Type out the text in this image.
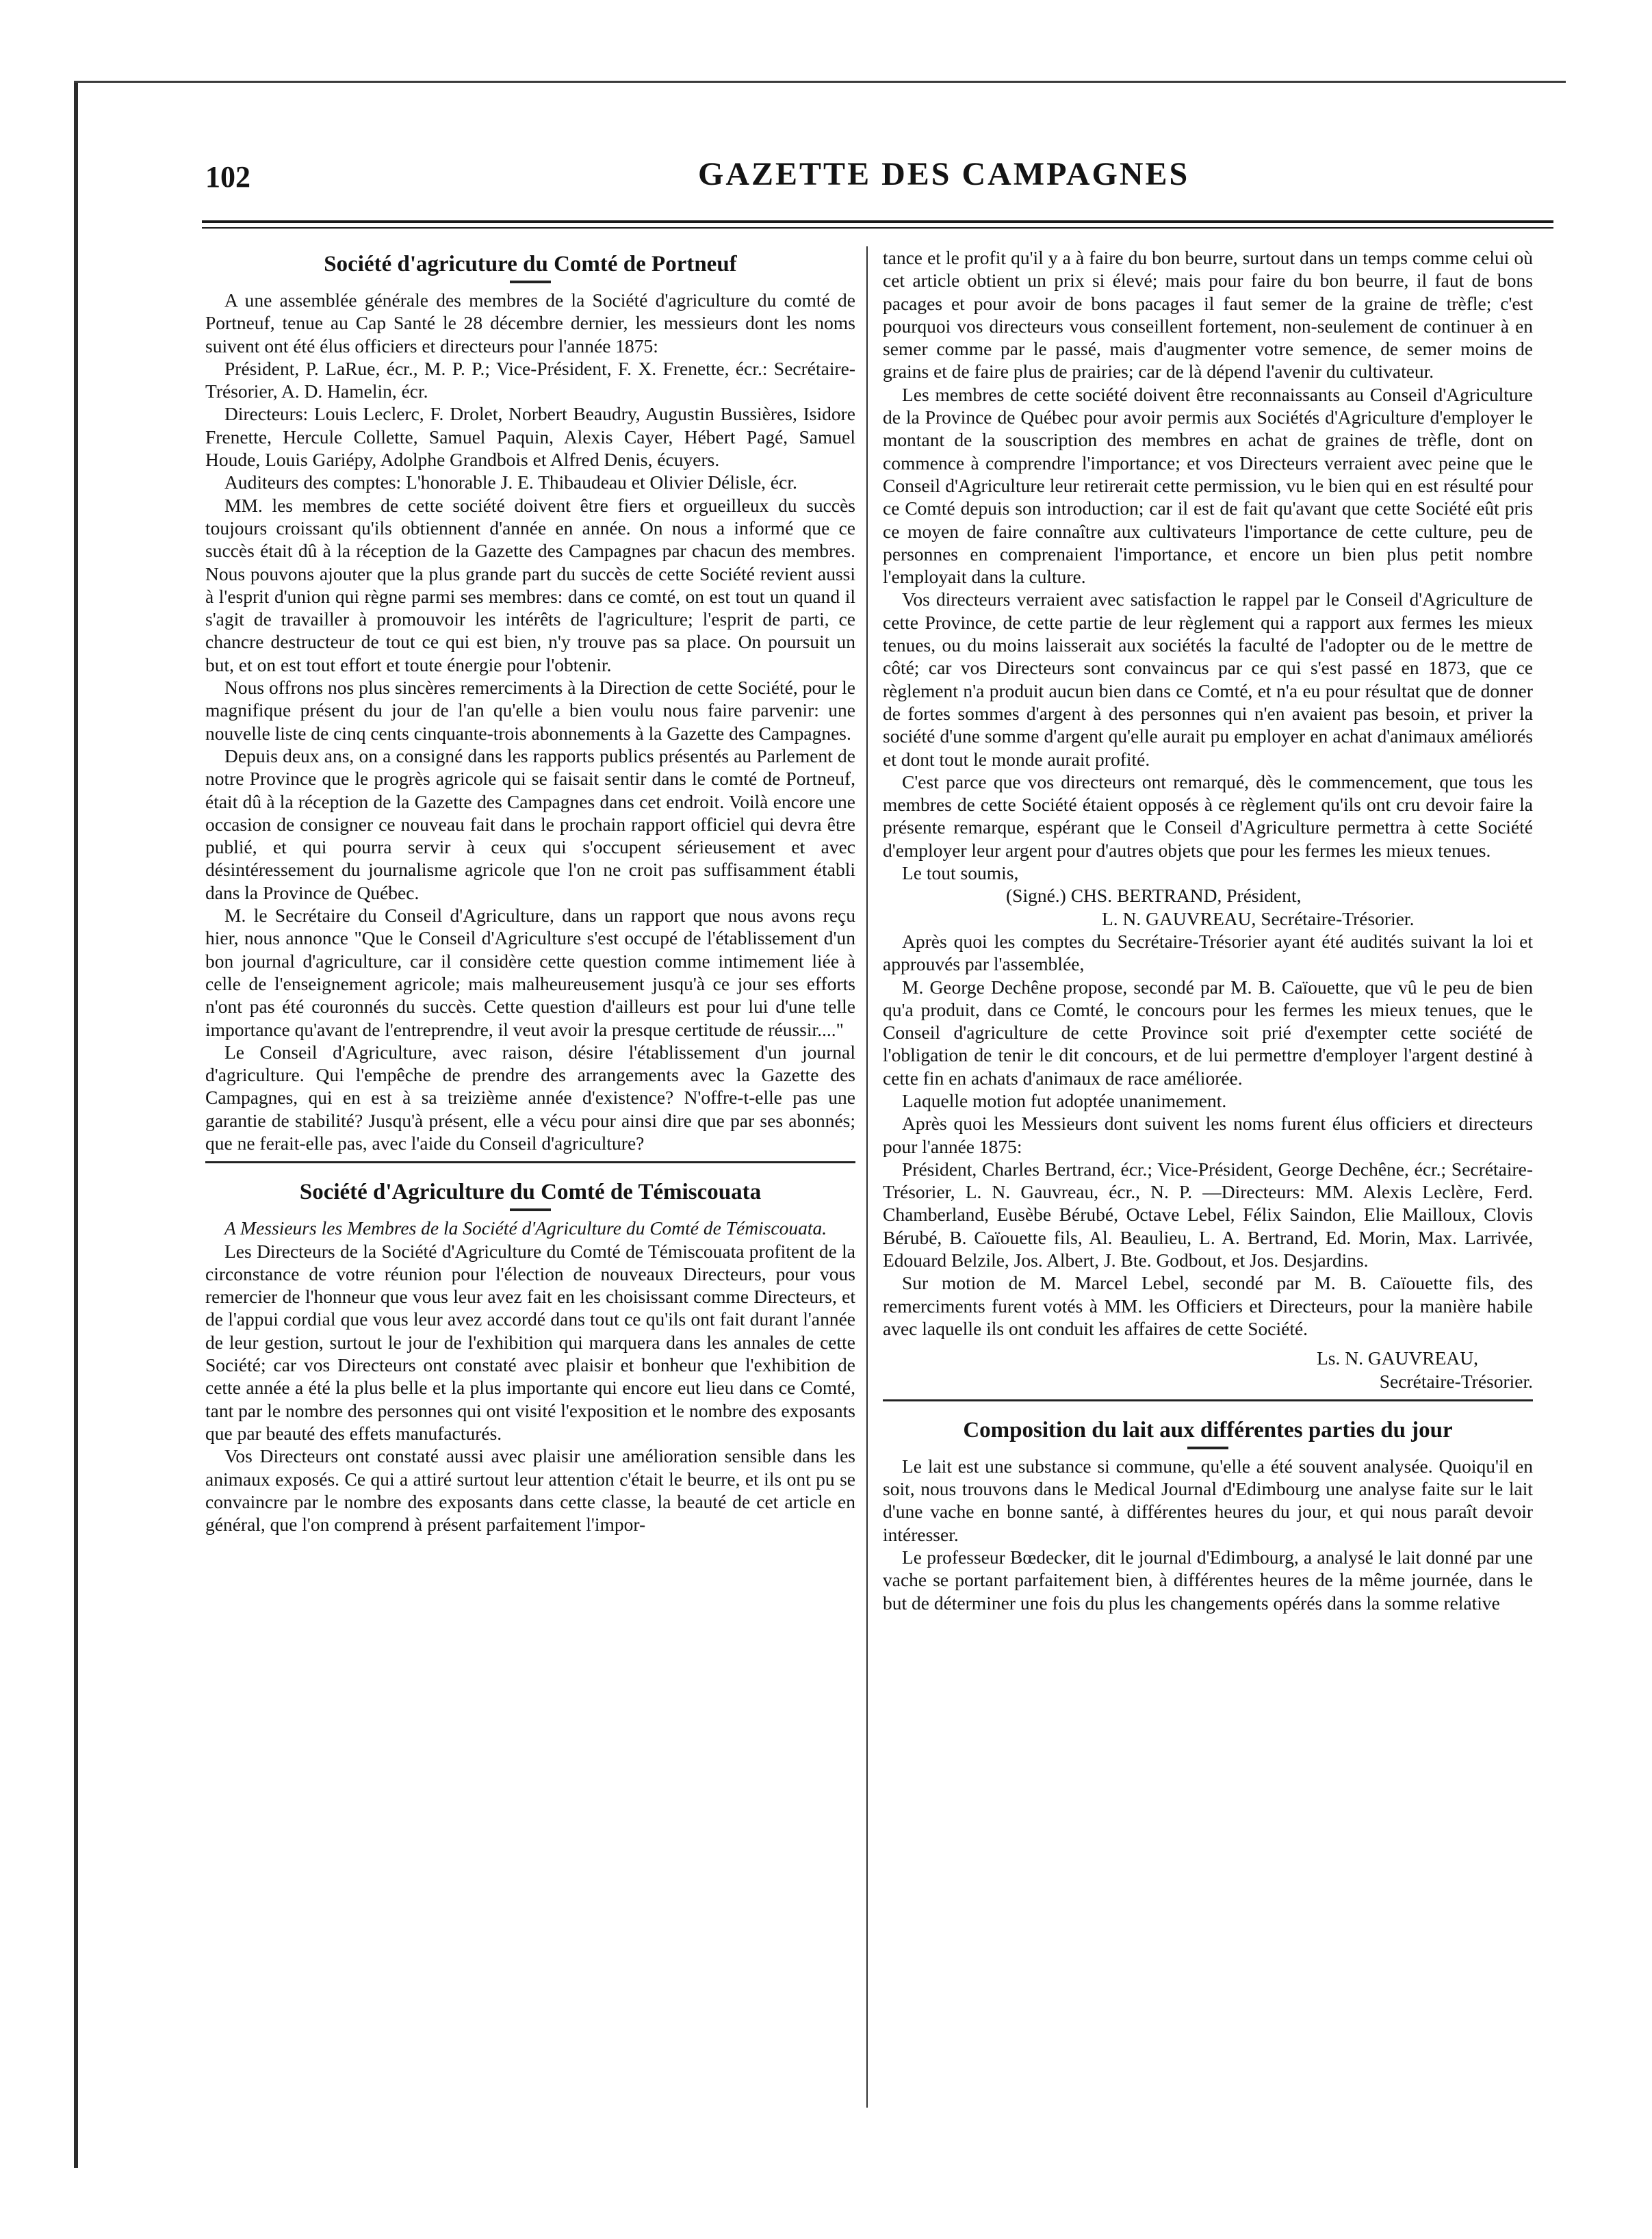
102	GAZETTE DES CAMPAGNES
Société d'agricuture du Comté de Portneuf

A une assemblée générale des membres de la Société d'agriculture du comté de Portneuf, tenue au Cap Santé le 28 décembre dernier, les messieurs dont les noms suivent ont été élus officiers et directeurs pour l'année 1875:

Président, P. LaRue, écr., M. P. P.; Vice-Président, F. X. Frenette, écr.: Secrétaire-Trésorier, A. D. Hamelin, écr.

Directeurs: Louis Leclerc, F. Drolet, Norbert Beaudry, Augustin Bussières, Isidore Frenette, Hercule Collette, Samuel Paquin, Alexis Cayer, Hébert Pagé, Samuel Houde, Louis Gariépy, Adolphe Grandbois et Alfred Denis, écuyers.

Auditeurs des comptes: L'honorable J. E. Thibaudeau et Olivier Délisle, écr.

MM. les membres de cette société doivent être fiers et orgueilleux du succès toujours croissant qu'ils obtiennent d'année en année. On nous a informé que ce succès était dû à la réception de la Gazette des Campagnes par chacun des membres. Nous pouvons ajouter que la plus grande part du succès de cette Société revient aussi à l'esprit d'union qui règne parmi ses membres: dans ce comté, on est tout un quand il s'agit de travailler à promouvoir les intérêts de l'agriculture; l'esprit de parti, ce chancre destructeur de tout ce qui est bien, n'y trouve pas sa place. On poursuit un but, et on est tout effort et toute énergie pour l'obtenir.

Nous offrons nos plus sincères remerciments à la Direction de cette Société, pour le magnifique présent du jour de l'an qu'elle a bien voulu nous faire parvenir: une nouvelle liste de cinq cents cinquante-trois abonnements à la Gazette des Campagnes.

Depuis deux ans, on a consigné dans les rapports publics présentés au Parlement de notre Province que le progrès agricole qui se faisait sentir dans le comté de Portneuf, était dû à la réception de la Gazette des Campagnes dans cet endroit. Voilà encore une occasion de consigner ce nouveau fait dans le prochain rapport officiel qui devra être publié, et qui pourra servir à ceux qui s'occupent sérieusement et avec désintéressement du journalisme agricole que l'on ne croit pas suffisamment établi dans la Province de Québec.

M. le Secrétaire du Conseil d'Agriculture, dans un rapport que nous avons reçu hier, nous annonce "Que le Conseil d'Agriculture s'est occupé de l'établissement d'un bon journal d'agriculture, car il considère cette question comme intimement liée à celle de l'enseignement agricole; mais malheureusement jusqu'à ce jour ses efforts n'ont pas été couronnés du succès. Cette question d'ailleurs est pour lui d'une telle importance qu'avant de l'entreprendre, il veut avoir la presque certitude de réussir...."

Le Conseil d'Agriculture, avec raison, désire l'établissement d'un journal d'agriculture. Qui l'empêche de prendre des arrangements avec la Gazette des Campagnes, qui en est à sa treizième année d'existence? N'offre-t-elle pas une garantie de stabilité? Jusqu'à présent, elle a vécu pour ainsi dire que par ses abonnés; que ne ferait-elle pas, avec l'aide du Conseil d'agriculture?

Société d'Agriculture du Comté de Témiscouata

A Messieurs les Membres de la Société d'Agriculture du Comté de Témiscouata.

Les Directeurs de la Société d'Agriculture du Comté de Témiscouata profitent de la circonstance de votre réunion pour l'élection de nouveaux Directeurs, pour vous remercier de l'honneur que vous leur avez fait en les choisissant comme Directeurs, et de l'appui cordial que vous leur avez accordé dans tout ce qu'ils ont fait durant l'année de leur gestion, surtout le jour de l'exhibition qui marquera dans les annales de cette Société; car vos Directeurs ont constaté avec plaisir et bonheur que l'exhibition de cette année a été la plus belle et la plus importante qui encore eut lieu dans ce Comté, tant par le nombre des personnes qui ont visité l'exposition et le nombre des exposants que par beauté des effets manufacturés.

Vos Directeurs ont constaté aussi avec plaisir une amélioration sensible dans les animaux exposés. Ce qui a attiré surtout leur attention c'était le beurre, et ils ont pu se convaincre par le nombre des exposants dans cette classe, la beauté de cet article en général, que l'on comprend à présent parfaitement l'impor-

tance et le profit qu'il y a à faire du bon beurre, surtout dans un temps comme celui où cet article obtient un prix si élevé; mais pour faire du bon beurre, il faut de bons pacages et pour avoir de bons pacages il faut semer de la graine de trèfle; c'est pourquoi vos directeurs vous conseillent fortement, non-seulement de continuer à en semer comme par le passé, mais d'augmenter votre semence, de semer moins de grains et de faire plus de prairies; car de là dépend l'avenir du cultivateur.

Les membres de cette société doivent être reconnaissants au Conseil d'Agriculture de la Province de Québec pour avoir permis aux Sociétés d'Agriculture d'employer le montant de la souscription des membres en achat de graines de trèfle, dont on commence à comprendre l'importance; et vos Directeurs verraient avec peine que le Conseil d'Agriculture leur retirerait cette permission, vu le bien qui en est résulté pour ce Comté depuis son introduction; car il est de fait qu'avant que cette Société eût pris ce moyen de faire connaître aux cultivateurs l'importance de cette culture, peu de personnes en comprenaient l'importance, et encore un bien plus petit nombre l'employait dans la culture.

Vos directeurs verraient avec satisfaction le rappel par le Conseil d'Agriculture de cette Province, de cette partie de leur règlement qui a rapport aux fermes les mieux tenues, ou du moins laisserait aux sociétés la faculté de l'adopter ou de le mettre de côté; car vos Directeurs sont convaincus par ce qui s'est passé en 1873, que ce règlement n'a produit aucun bien dans ce Comté, et n'a eu pour résultat que de donner de fortes sommes d'argent à des personnes qui n'en avaient pas besoin, et priver la société d'une somme d'argent qu'elle aurait pu employer en achat d'animaux améliorés et dont tout le monde aurait profité.

C'est parce que vos directeurs ont remarqué, dès le commencement, que tous les membres de cette Société étaient opposés à ce règlement qu'ils ont cru devoir faire la présente remarque, espérant que le Conseil d'Agriculture permettra à cette Société d'employer leur argent pour d'autres objets que pour les fermes les mieux tenues.

Le tout soumis,

(Signé.) CHS. BERTRAND, Président,
L. N. GAUVREAU, Secrétaire-Trésorier.

Après quoi les comptes du Secrétaire-Trésorier ayant été audités suivant la loi et approuvés par l'assemblée,

M. George Dechêne propose, secondé par M. B. Caïouette, que vû le peu de bien qu'a produit, dans ce Comté, le concours pour les fermes les mieux tenues, que le Conseil d'agriculture de cette Province soit prié d'exempter cette société de l'obligation de tenir le dit concours, et de lui permettre d'employer l'argent destiné à cette fin en achats d'animaux de race améliorée.

Laquelle motion fut adoptée unanimement.

Après quoi les Messieurs dont suivent les noms furent élus officiers et directeurs pour l'année 1875:

Président, Charles Bertrand, écr.; Vice-Président, George Dechêne, écr.; Secrétaire-Trésorier, L. N. Gauvreau, écr., N. P. —Directeurs: MM. Alexis Leclère, Ferd. Chamberland, Eusèbe Bérubé, Octave Lebel, Félix Saindon, Elie Mailloux, Clovis Bérubé, B. Caïouette fils, Al. Beaulieu, L. A. Bertrand, Ed. Morin, Max. Larrivée, Edouard Belzile, Jos. Albert, J. Bte. Godbout, et Jos. Desjardins.

Sur motion de M. Marcel Lebel, secondé par M. B. Caïouette fils, des remerciments furent votés à MM. les Officiers et Directeurs, pour la manière habile avec laquelle ils ont conduit les affaires de cette Société.

Ls. N. GAUVREAU,
Secrétaire-Trésorier.
Composition du lait aux différentes parties du jour

Le lait est une substance si commune, qu'elle a été souvent analysée. Quoiqu'il en soit, nous trouvons dans le Medical Journal d'Edimbourg une analyse faite sur le lait d'une vache en bonne santé, à différentes heures du jour, et qui nous paraît devoir intéresser.

Le professeur Bœdecker, dit le journal d'Edimbourg, a analysé le lait donné par une vache se portant parfaitement bien, à différentes heures de la même journée, dans le but de déterminer une fois du plus les changements opérés dans la somme relative
